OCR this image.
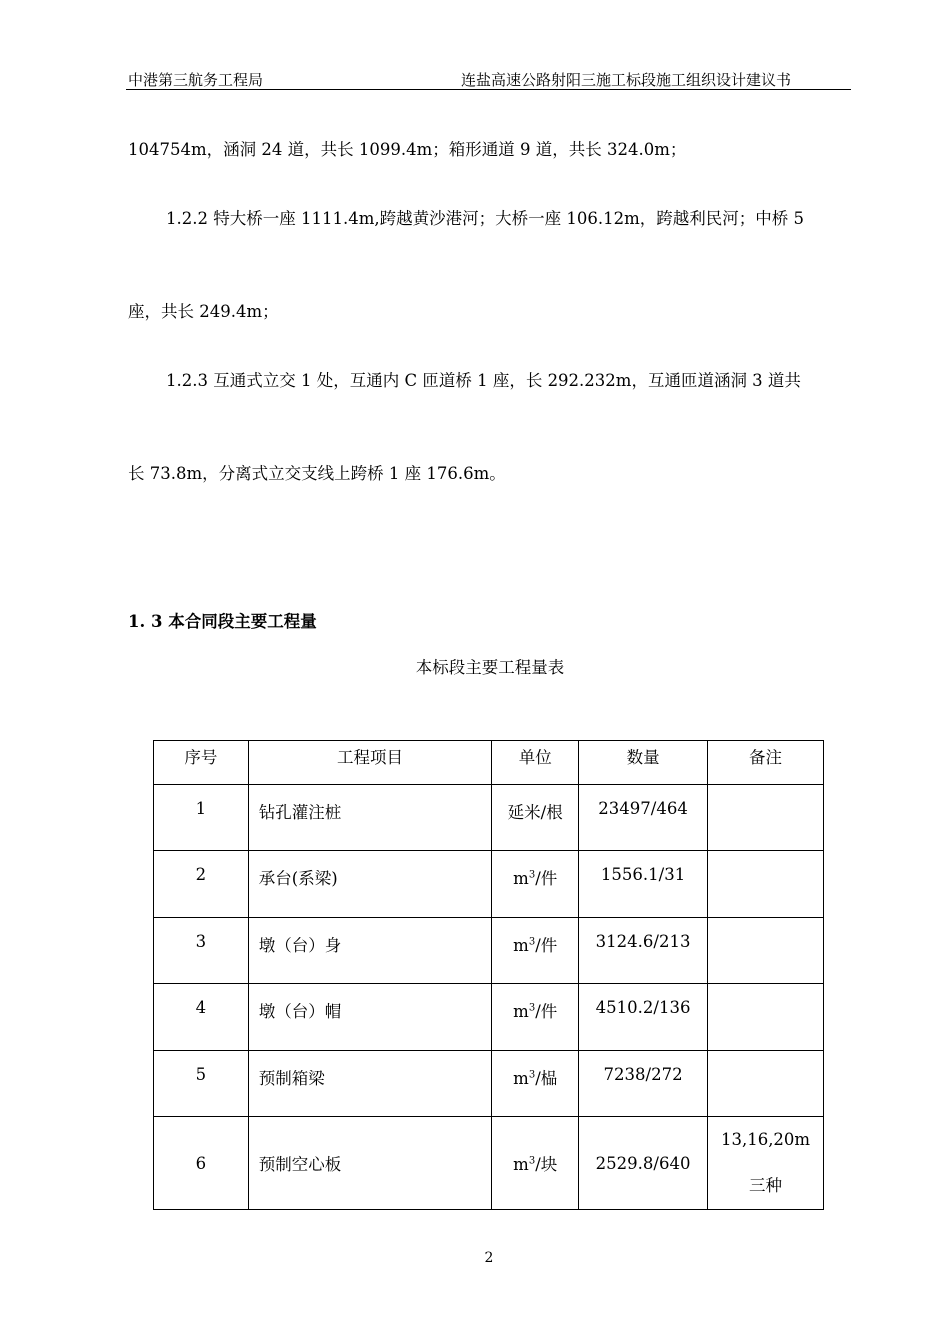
中港第三航务工程局	连盐高速公路射阳三施工标段施工组织设计建议书
104754m，涵洞 24 道，共长 1099.4m；箱形通道 9 道，共长 324.0m；
1.2.2 特大桥一座 1111.4m,跨越黄沙港河；大桥一座 106.12m，跨越利民河；中桥 5
座，共长 249.4m；
1.2.3 互通式立交 1 处，互通内 C 匝道桥 1 座，长 292.232m，互通匝道涵洞 3 道共
长 73.8m，分离式立交支线上跨桥 1 座 176.6m。
1. 3 本合同段主要工程量
本标段主要工程量表
序号	工程项目	单位	数量	备注
1	钻孔灌注桩	延米/根	23497/464	
2	承台(系梁)	$m^3/$件	1556.1/31	
3	墩（台）身	$m^3/$件	3124.6/213	
4	墩（台）帽	$m^3/$件	4510.2/136	
5	预制箱梁	$m^3/$榀	7238/272	
6	预制空心板	$m^3/$块	2529.8/640	13,16,20m
三种
2
